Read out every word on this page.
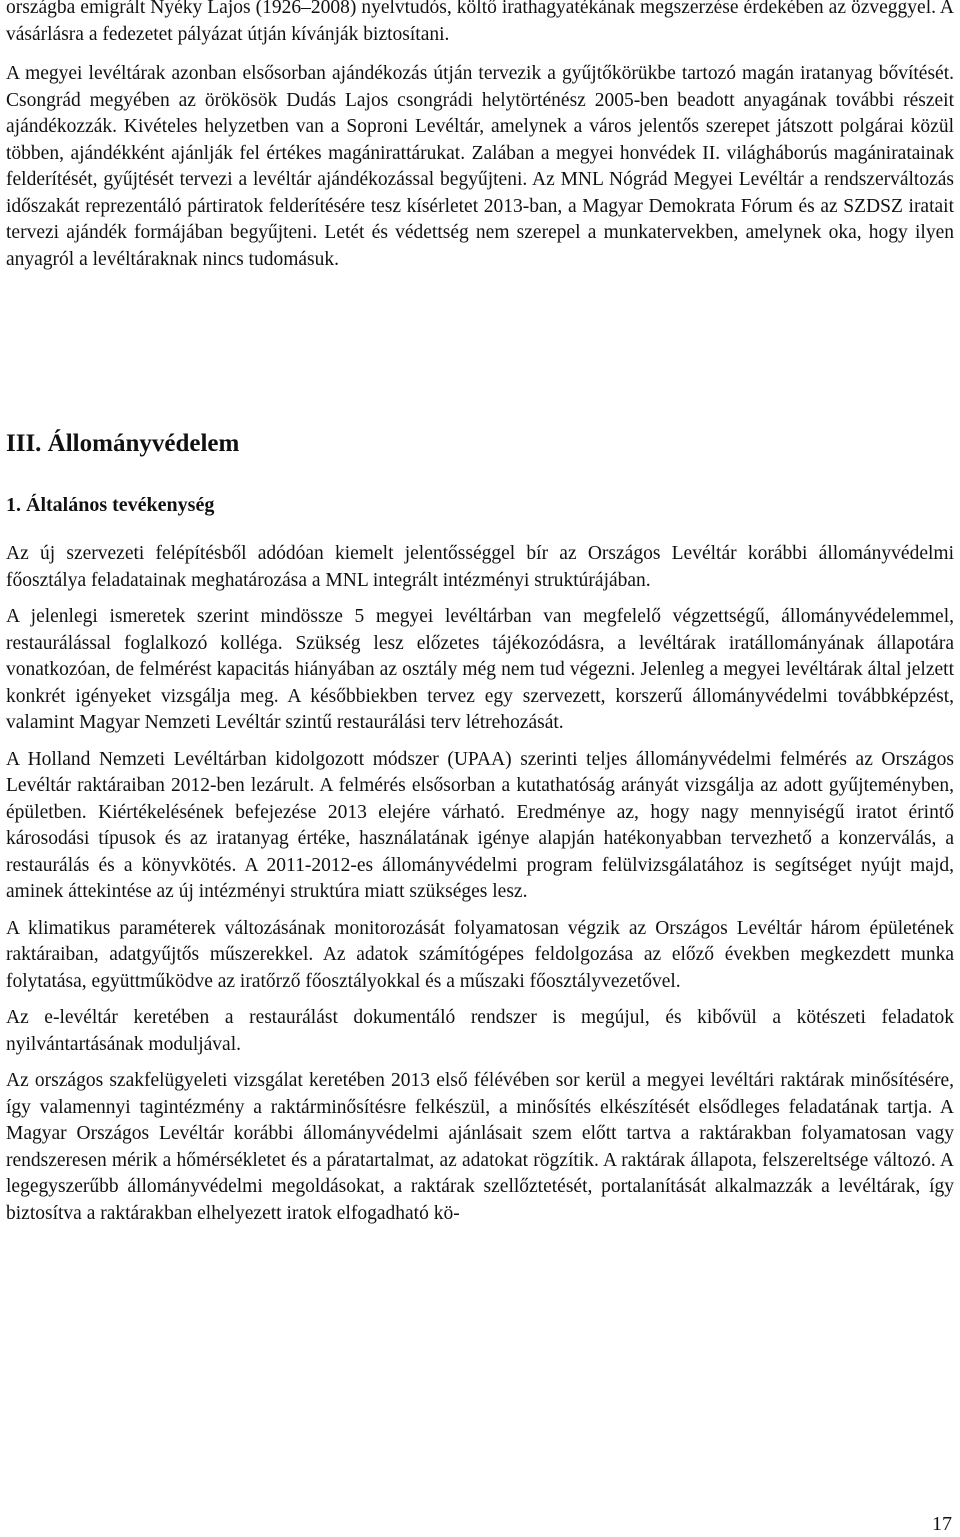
országba emigrált Nyéky Lajos (1926–2008) nyelvtudós, költő irathagyatékának megszerzése érdekében az özveggyel. A vásárlásra a fedezetet pályázat útján kívánják biztosítani.

A megyei levéltárak azonban elsősorban ajándékozás útján tervezik a gyűjtőkörükbe tartozó magán iratanyag bővítését. Csongrád megyében az örökösök Dudás Lajos csongrádi helytörténész 2005-ben beadott anyagának további részeit ajándékozzák. Kivételes helyzetben van a Soproni Levéltár, amelynek a város jelentős szerepet játszott polgárai közül többen, ajándékként ajánlják fel értékes magánirattárukat. Zalában a megyei honvédek II. világháborús magániratainak felderítését, gyűjtését tervezi a levéltár ajándékozással begyűjteni. Az MNL Nógrád Megyei Levéltár a rendszerváltozás időszakát reprezentáló pártiratok felderítésére tesz kísérletet 2013-ban, a Magyar Demokrata Fórum és az SZDSZ iratait tervezi ajándék formájában begyűjteni. Letét és védettség nem szerepel a munkatervekben, amelynek oka, hogy ilyen anyagról a levéltáraknak nincs tudomásuk.

III. Állományvédelem
1. Általános tevékenység

Az új szervezeti felépítésből adódóan kiemelt jelentősséggel bír az Országos Levéltár korábbi állományvédelmi főosztálya feladatainak meghatározása a MNL integrált intézményi struktúrájában.

A jelenlegi ismeretek szerint mindössze 5 megyei levéltárban van megfelelő végzettségű, állományvédelemmel, restaurálással foglalkozó kolléga. Szükség lesz előzetes tájékozódásra, a levéltárak iratállományának állapotára vonatkozóan, de felmérést kapacitás hiányában az osztály még nem tud végezni. Jelenleg a megyei levéltárak által jelzett konkrét igényeket vizsgálja meg. A későbbiekben tervez egy szervezett, korszerű állományvédelmi továbbképzést, valamint Magyar Nemzeti Levéltár szintű restaurálási terv létrehozását.

A Holland Nemzeti Levéltárban kidolgozott módszer (UPAA) szerinti teljes állományvédelmi felmérés az Országos Levéltár raktáraiban 2012-ben lezárult. A felmérés elsősorban a kutathatóság arányát vizsgálja az adott gyűjteményben, épületben. Kiértékelésének befejezése 2013 elejére várható. Eredménye az, hogy nagy mennyiségű iratot érintő károsodási típusok és az iratanyag értéke, használatának igénye alapján hatékonyabban tervezhető a konzerválás, a restaurálás és a könyvkötés. A 2011-2012-es állományvédelmi program felülvizsgálatához is segítséget nyújt majd, aminek áttekintése az új intézményi struktúra miatt szükséges lesz.

A klimatikus paraméterek változásának monitorozását folyamatosan végzik az Országos Levéltár három épületének raktáraiban, adatgyűjtős műszerekkel. Az adatok számítógépes feldolgozása az előző években megkezdett munka folytatása, együttműködve az iratőrző főosztályokkal és a műszaki főosztályvezetővel.

Az e-levéltár keretében a restaurálást dokumentáló rendszer is megújul, és kibővül a kötészeti feladatok nyilvántartásának moduljával.

Az országos szakfelügyeleti vizsgálat keretében 2013 első félévében sor kerül a megyei levéltári raktárak minősítésére, így valamennyi tagintézmény a raktárminősítésre felkészül, a minősítés elkészítését elsődleges feladatának tartja. A Magyar Országos Levéltár korábbi állományvédelmi ajánlásait szem előtt tartva a raktárakban folyamatosan vagy rendszeresen mérik a hőmérsékletet és a páratartalmat, az adatokat rögzítik. A raktárak állapota, felszereltsége változó. A legegyszerűbb állományvédelmi megoldásokat, a raktárak szellőztetését, portalanítását alkalmazzák a levéltárak, így biztosítva a raktárakban elhelyezett iratok elfogadható kö-

17
